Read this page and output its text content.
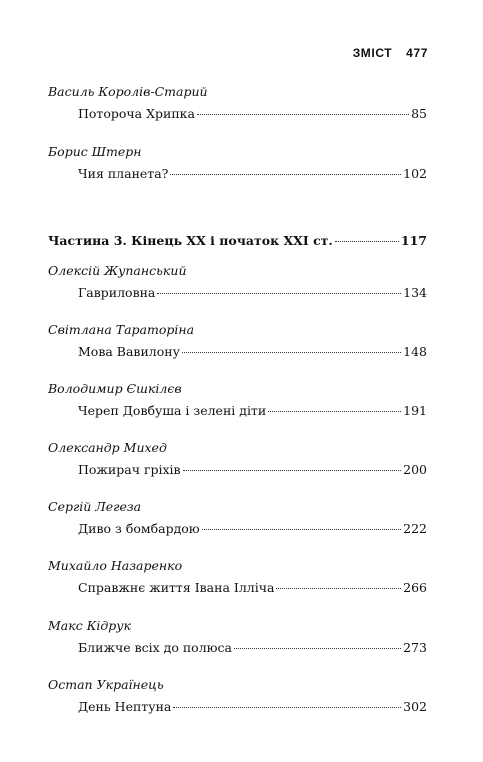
ЗМІСТ 477
Василь Королів-Старий
Потороча Хрипка	85
Борис Штерн
Чия планета?	102
Частина 3. Кінець XX і початок XXI ст.	117
Олексій Жупанський
Гавриловна	134
Світлана Тараторіна
Мова Вавилону	148
Володимир Єшкілєв
Череп Довбуша і зелені діти	191
Олександр Михед
Пожирач гріхів	200
Сергій Легеза
Диво з бомбардою	222
Михайло Назаренко
Справжнє життя Івана Ілліча	266
Макс Кідрук
Ближче всіх до полюса	273
Остап Українець
День Нептуна	302
